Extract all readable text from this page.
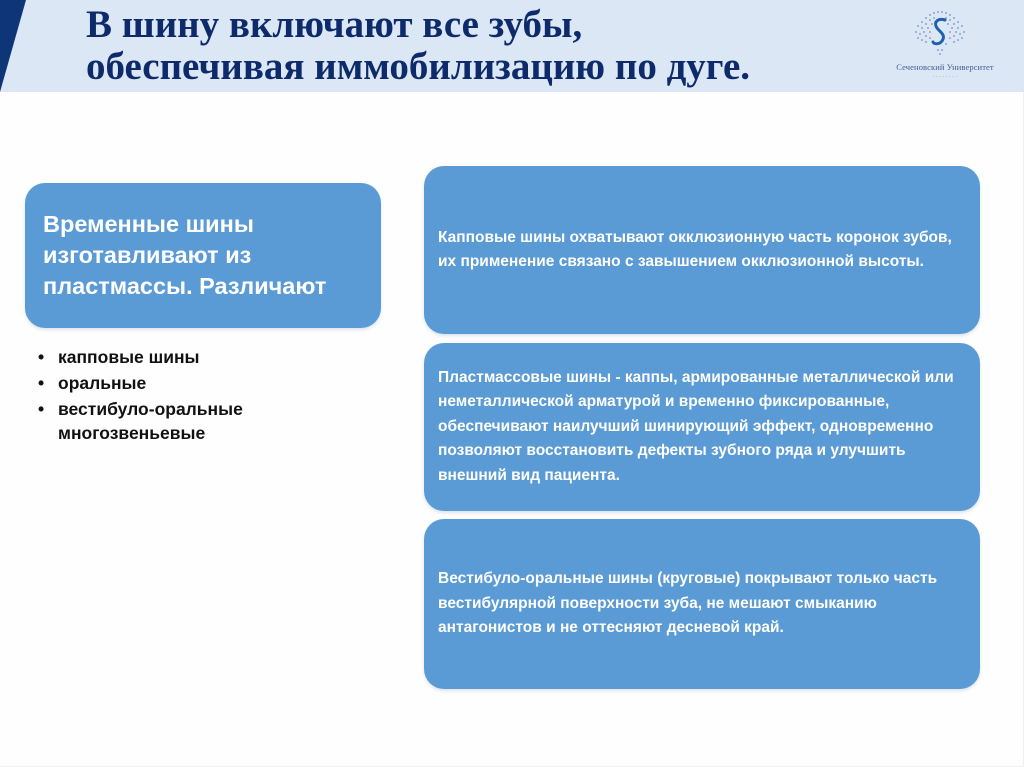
В шину включают все зубы,
обеспечивая иммобилизацию по дуге.	Сеченовский Университет
· · · · · · · ·
Временные шины изготавливают из пластмассы. Различают
• капповые шины
• оральные
• вестибуло-оральные многозвеньевые
Капповые шины охватывают окклюзионную часть коронок зубов, их применение связано с завышением окклюзионной высоты.
Пластмассовые шины - каппы, армированные металлической или неметаллической арматурой и временно фиксированные, обеспечивают наилучший шинирующий эффект, одновременно позволяют восстановить дефекты зубного ряда и улучшить внешний вид пациента.
Вестибуло-оральные шины (круговые) покрывают только часть вестибулярной поверхности зуба, не мешают смыканию антагонистов и не оттесняют десневой край.
